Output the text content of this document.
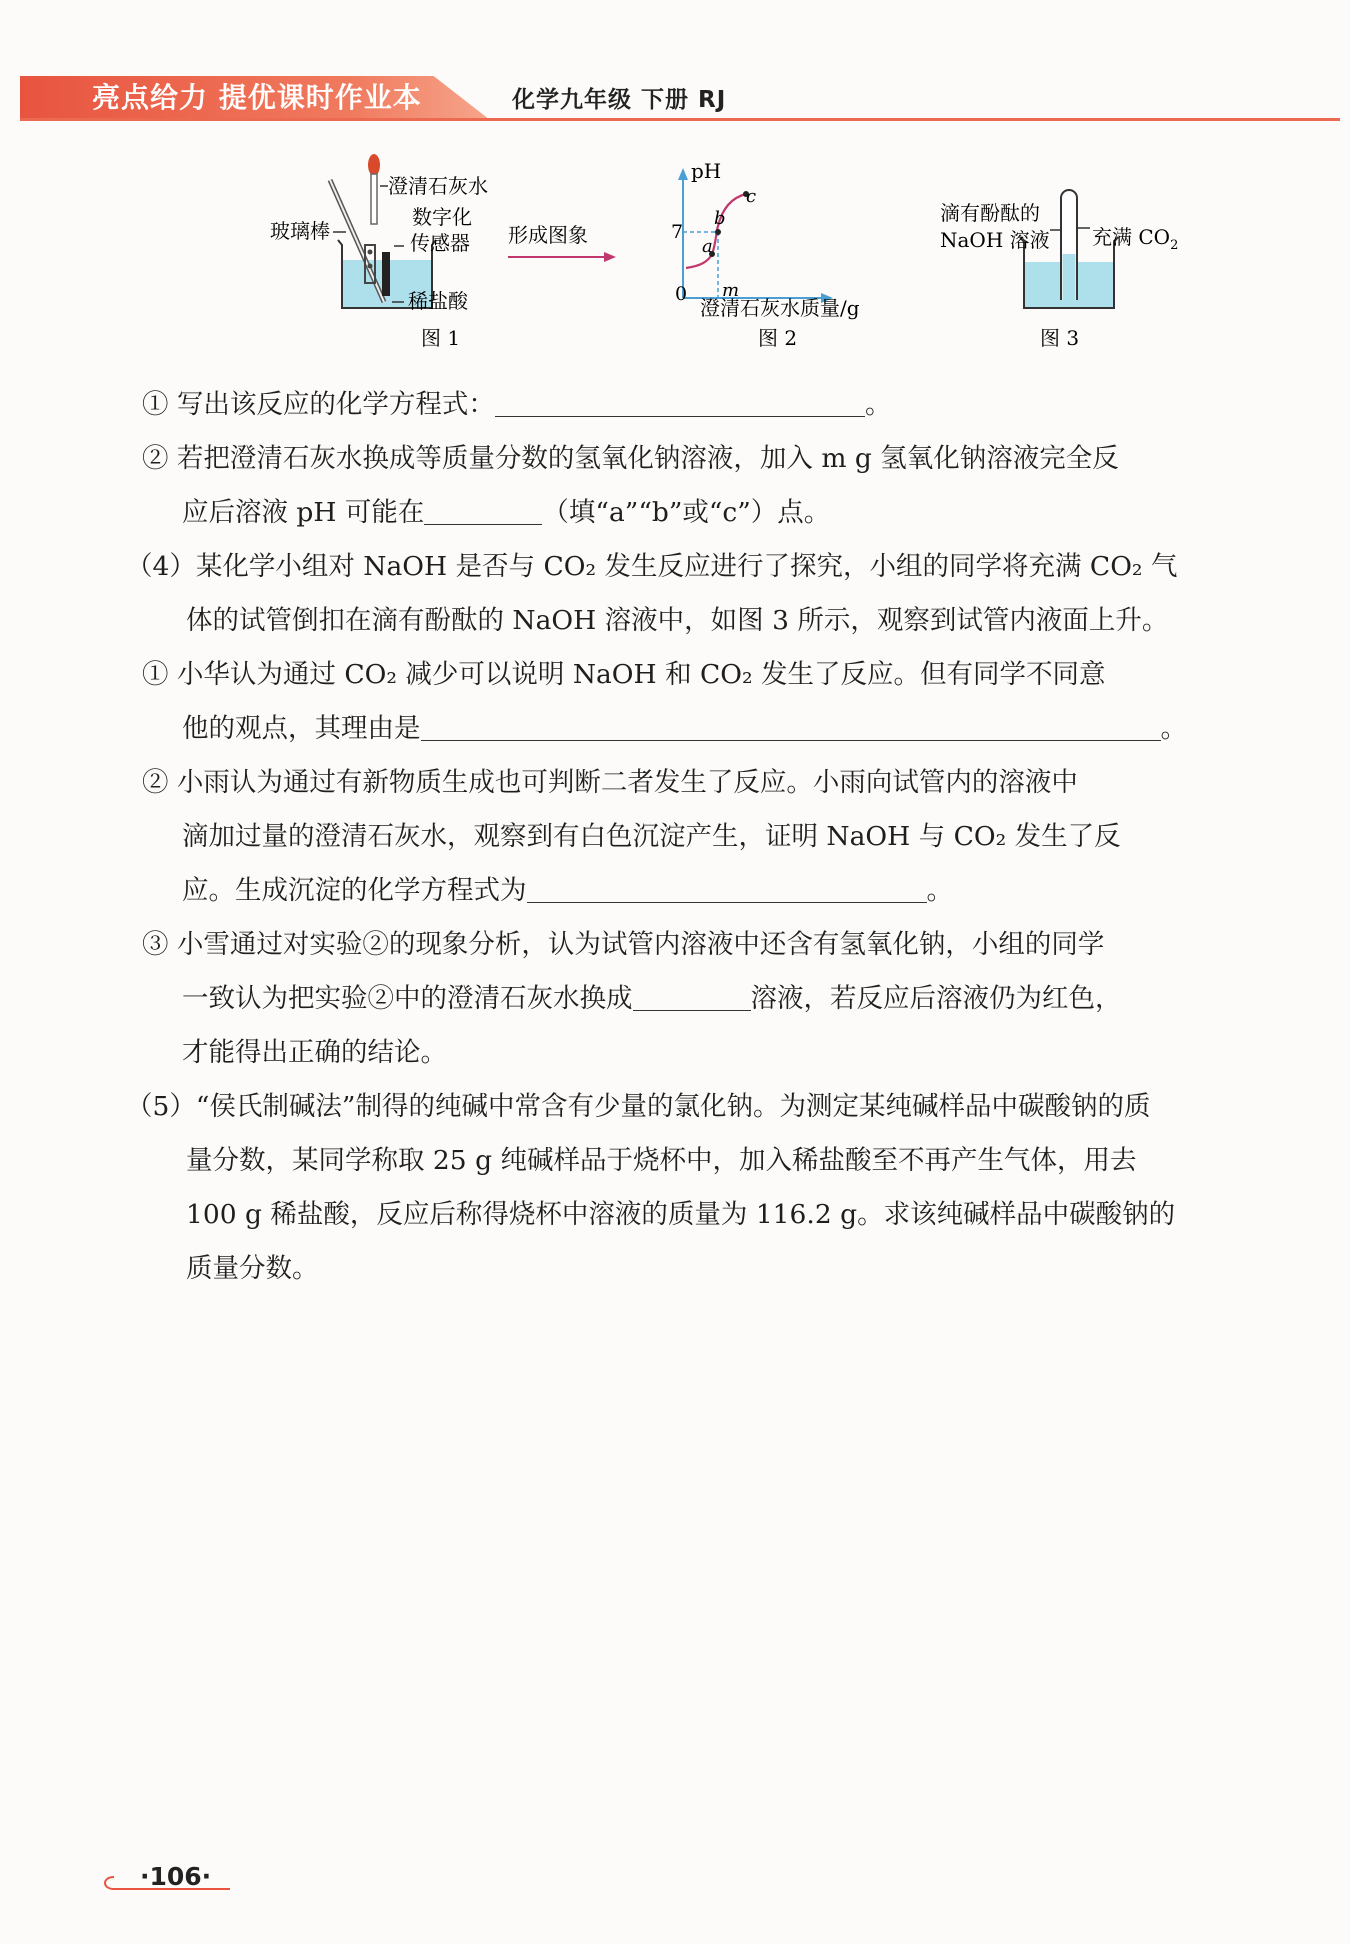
亮点给力 提优课时作业本	化学九年级 下册 RJ
澄清石灰水
玻璃棒
数字化
传感器
稀盐酸
图 1
形成图象
pH
7
0 m
a
b
c
澄清石灰水质量/g
图 2
滴有酚酞的
NaOH 溶液 充满 $CO_2$
图 3

① 写出该反应的化学方程式：	。

② 若把澄清石灰水换成等质量分数的氢氧化钠溶液，加入 m g 氢氧化钠溶液完全反
应后溶液 pH 可能在	（填“a”“b”或“c”）点。

（4）某化学小组对 NaOH 是否与 CO₂ 发生反应进行了探究，小组的同学将充满 CO₂ 气
体的试管倒扣在滴有酚酞的 NaOH 溶液中，如图 3 所示，观察到试管内液面上升。

① 小华认为通过 CO₂ 减少可以说明 NaOH 和 CO₂ 发生了反应。但有同学不同意
他的观点，其理由是	。

② 小雨认为通过有新物质生成也可判断二者发生了反应。小雨向试管内的溶液中
滴加过量的澄清石灰水，观察到有白色沉淀产生，证明 NaOH 与 CO₂ 发生了反
应。生成沉淀的化学方程式为	。

③ 小雪通过对实验②的现象分析，认为试管内溶液中还含有氢氧化钠，小组的同学
一致认为把实验②中的澄清石灰水换成	溶液，若反应后溶液仍为红色，
才能得出正确的结论。

（5）“侯氏制碱法”制得的纯碱中常含有少量的氯化钠。为测定某纯碱样品中碳酸钠的质
量分数，某同学称取 25 g 纯碱样品于烧杯中，加入稀盐酸至不再产生气体，用去
100 g 稀盐酸，反应后称得烧杯中溶液的质量为 116.2 g。求该纯碱样品中碳酸钠的
质量分数。

·106·
